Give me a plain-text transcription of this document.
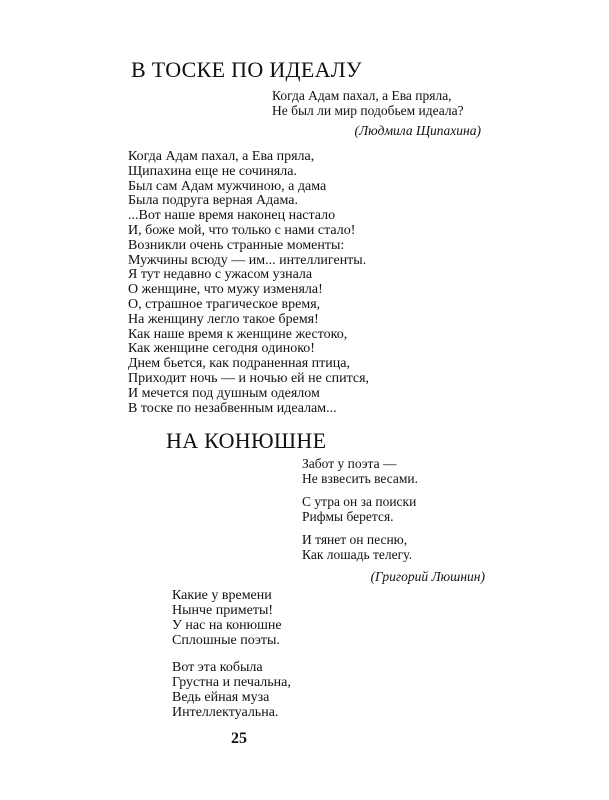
В ТОСКЕ ПО ИДЕАЛУ
Когда Адам пахал, а Ева пряла,
Не был ли мир подобьем идеала?
(Людмила Щипахина)
Когда Адам пахал, а Ева пряла,
Щипахина еще не сочиняла.
Был сам Адам мужчиною, а дама
Была подруга верная Адама.
...Вот наше время наконец настало
И, боже мой, что только с нами стало!
Возникли очень странные моменты:
Мужчины всюду — им... интеллигенты.
Я тут недавно с ужасом узнала
О женщине, что мужу изменяла!
О, страшное трагическое время,
На женщину легло такое бремя!
Как наше время к женщине жестоко,
Как женщине сегодня одиноко!
Днем бьется, как подраненная птица,
Приходит ночь — и ночью ей не спится,
И мечется под душным одеялом
В тоске по незабвенным идеалам...
НА КОНЮШНЕ
Забот у поэта —
Не взвесить весами.
С утра он за поиски
Рифмы берется.
И тянет он песню,
Как лошадь телегу.
(Григорий Люшнин)
Какие у времени
Нынче приметы!
У нас на конюшне
Сплошные поэты.
Вот эта кобыла
Грустна и печальна,
Ведь ейная муза
Интеллектуальна.
25
